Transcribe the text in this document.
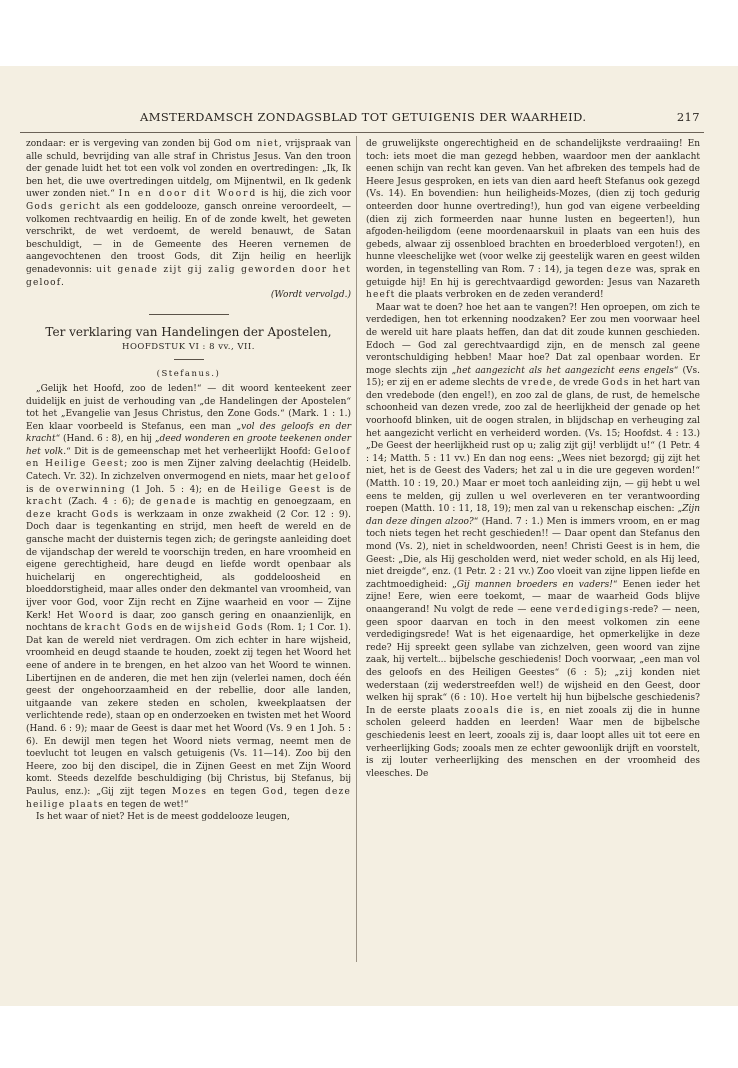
AMSTERDAMSCH ZONDAGSBLAD TOT GETUIGENIS DER WAARHEID.	217

zondaar: er is vergeving van zonden bij God om niet, vrijspraak van alle schuld, bevrijding van alle straf in Christus Jesus. Van den troon der genade luidt het tot een volk vol zonden en overtredingen: „Ik, Ik ben het, die uwe overtredingen uitdelg, om Mijnentwil, en Ik gedenk uwer zonden niet.“ In en door dit Woord is hij, die zich voor Gods gericht als een goddelooze, gansch onreine veroordeelt, — volkomen rechtvaardig en heilig. En of de zonde kwelt, het geweten verschrikt, de wet verdoemt, de wereld benauwt, de Satan beschuldigt, — in de Gemeente des Heeren vernemen de aangevochtenen den troost Gods, dit Zijn heilig en heerlijk genadevonnis: uit genade zijt gij zalig geworden door het geloof.

(Wordt vervolgd.)

Ter verklaring van Handelingen der Apostelen,

HOOFDSTUK VI : 8 vv., VII.

(Stefanus.)

„Gelijk het Hoofd, zoo de leden!“ — dit woord kenteekent zeer duidelijk en juist de verhouding van „de Handelingen der Apostelen“ tot het „Evangelie van Jesus Christus, den Zone Gods.“ (Mark. 1 : 1.) Een klaar voorbeeld is Stefanus, een man „vol des geloofs en der kracht“ (Hand. 6 : 8), en hij „deed wonderen en groote teekenen onder het volk.“ Dit is de gemeenschap met het verheerlijkt Hoofd: Geloof en Heilige Geest; zoo is men Zijner zalving deelachtig (Heidelb. Catech. Vr. 32). In zichzelven onvermogend en niets, maar het geloof is de overwinning (1 Joh. 5 : 4); en de Heilige Geest is de kracht (Zach. 4 : 6); de genade is machtig en genoegzaam, en deze kracht Gods is werkzaam in onze zwakheid (2 Cor. 12 : 9). Doch daar is tegenkanting en strijd, men heeft de wereld en de gansche macht der duisternis tegen zich; de geringste aanleiding doet de vijandschap der wereld te voorschijn treden, en hare vroomheid en eigene gerechtigheid, hare deugd en liefde wordt openbaar als huichelarij en ongerechtigheid, als goddeloosheid en bloeddorstigheid, maar alles onder den dekmantel van vroomheid, van ijver voor God, voor Zijn recht en Zijne waarheid en voor — Zijne Kerk! Het Woord is daar, zoo gansch gering en onaanzienlijk, en nochtans de kracht Gods en de wijsheid Gods (Rom. 1; 1 Cor. 1). Dat kan de wereld niet verdragen. Om zich echter in hare wijsheid, vroomheid en deugd staande te houden, zoekt zij tegen het Woord het eene of andere in te brengen, en het alzoo van het Woord te winnen. Libertijnen en de anderen, die met hen zijn (velerlei namen, doch één geest der ongehoorzaamheid en der rebellie, door alle landen, uitgaande van zekere steden en scholen, kweekplaatsen der verlichtende rede), staan op en onderzoeken en twisten met het Woord (Hand. 6 : 9); maar de Geest is daar met het Woord (Vs. 9 en 1 Joh. 5 : 6). En dewijl men tegen het Woord niets vermag, neemt men de toevlucht tot leugen en valsch getuigenis (Vs. 11—14). Zoo bij den Heere, zoo bij den discipel, die in Zijnen Geest en met Zijn Woord komt. Steeds dezelfde beschuldiging (bij Christus, bij Stefanus, bij Paulus, enz.): „Gij zijt tegen Mozes en tegen God, tegen deze heilige plaats en tegen de wet!“

Is het waar of niet? Het is de meest goddelooze leugen,

de gruwelijkste ongerechtigheid en de schandelijkste verdraaiing! En toch: iets moet die man gezegd hebben, waardoor men der aanklacht eenen schijn van recht kan geven. Van het afbreken des tempels had de Heere Jesus gesproken, en iets van dien aard heeft Stefanus ook gezegd (Vs. 14). En bovendien: hun heiligheids-Mozes, (dien zij toch gedurig onteerden door hunne overtreding!), hun god van eigene verbeelding (dien zij zich formeerden naar hunne lusten en begeerten!), hun afgoden-heiligdom (eene moordenaarskuil in plaats van een huis des gebeds, alwaar zij ossenbloed brachten en broederbloed vergoten!), en hunne vleeschelijke wet (voor welke zij geestelijk waren en geest wilden worden, in tegenstelling van Rom. 7 : 14), ja tegen deze was, sprak en getuigde hij! En hij is gerechtvaardigd geworden: Jesus van Nazareth heeft die plaats verbroken en de zeden veranderd!

Maar wat te doen? hoe het aan te vangen?! Hen oproepen, om zich te verdedigen, hen tot erkenning noodzaken? Eer zou men voorwaar heel de wereld uit hare plaats heffen, dan dat dit zoude kunnen geschieden. Edoch — God zal gerechtvaardigd zijn, en de mensch zal geene verontschuldiging hebben! Maar hoe? Dat zal openbaar worden. Er moge slechts zijn „het aangezicht als het aangezicht eens engels“ (Vs. 15); er zij en er ademe slechts de vrede, de vrede Gods in het hart van den vredebode (den engel!), en zoo zal de glans, de rust, de hemelsche schoonheid van dezen vrede, zoo zal de heerlijkheid der genade op het voorhoofd blinken, uit de oogen stralen, in blijdschap en verheuging zal het aangezicht verlicht en verheiderd worden. (Vs. 15; Hoofdst. 4 : 13.) „De Geest der heerlijkheid rust op u; zalig zijt gij! verblijdt u!“ (1 Petr. 4 : 14; Matth. 5 : 11 vv.) En dan nog eens: „Wees niet bezorgd; gij zijt het niet, het is de Geest des Vaders; het zal u in die ure gegeven worden!“ (Matth. 10 : 19, 20.) Maar er moet toch aanleiding zijn, — gij hebt u wel eens te melden, gij zullen u wel overleveren en ter verantwoording roepen (Matth. 10 : 11, 18, 19); men zal van u rekenschap eischen: „Zijn dan deze dingen alzoo?“ (Hand. 7 : 1.) Men is immers vroom, en er mag toch niets tegen het recht geschieden!! — Daar opent dan Stefanus den mond (Vs. 2), niet in scheldwoorden, neen! Christi Geest is in hem, die Geest: „Die, als Hij gescholden werd, niet weder schold, en als Hij leed, niet dreigde“, enz. (1 Petr. 2 : 21 vv.) Zoo vloeit van zijne lippen liefde en zachtmoedigheid: „Gij mannen broeders en vaders!“ Eenen ieder het zijne! Eere, wien eere toekomt, — maar de waarheid Gods blijve onaangerand! Nu volgt de rede — eene verdedigings-rede? — neen, geen spoor daarvan en toch in den meest volkomen zin eene verdedigingsrede! Wat is het eigenaardige, het opmerkelijke in deze rede? Hij spreekt geen syllabe van zichzelven, geen woord van zijne zaak, hij vertelt... bijbelsche geschiedenis! Doch voorwaar, „een man vol des geloofs en des Heiligen Geestes“ (6 : 5); „zij konden niet wederstaan (zij wederstreefden wel!) de wijsheid en den Geest, door welken hij sprak“ (6 : 10). Hoe vertelt hij hun bijbelsche geschiedenis? In de eerste plaats zooals die is, en niet zooals zij die in hunne scholen geleerd hadden en leerden! Waar men de bijbelsche geschiedenis leest en leert, zooals zij is, daar loopt alles uit tot eere en verheerlijking Gods; zooals men ze echter gewoonlijk drijft en voorstelt, is zij louter verheerlijking des menschen en der vroomheid des vleesches. De
